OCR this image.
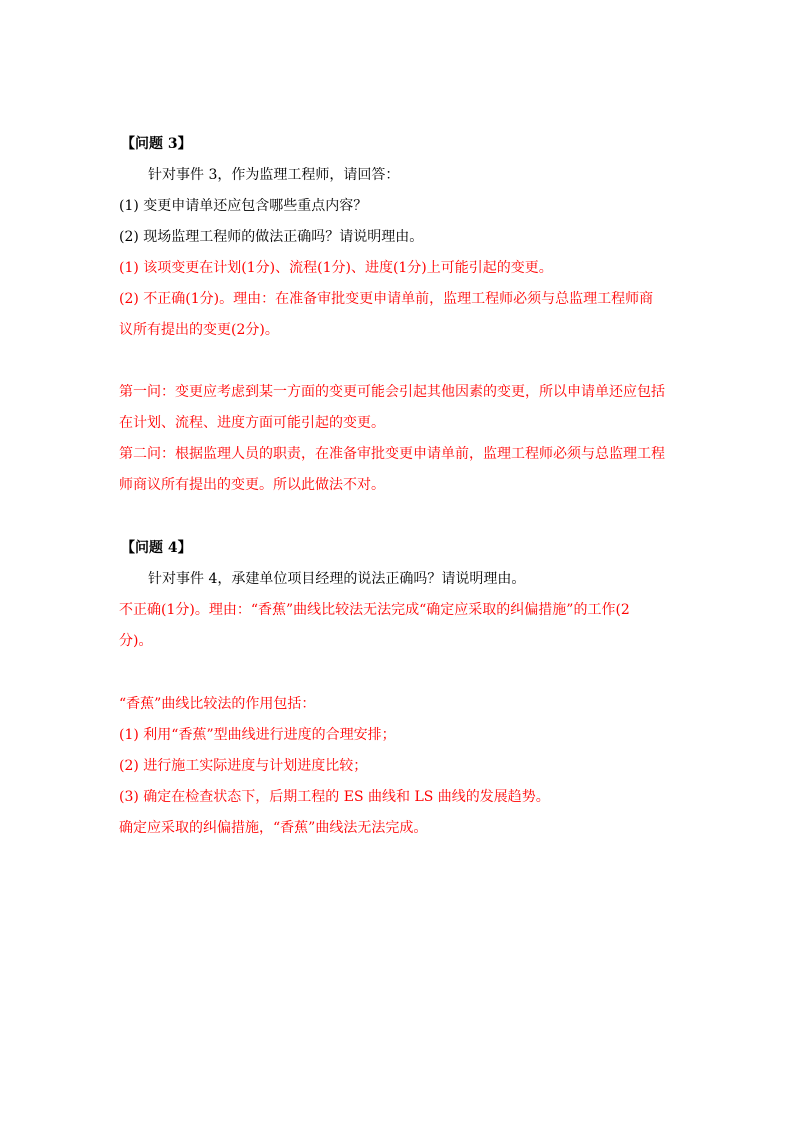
【问题 3】
针对事件 3，作为监理工程师，请回答：
(1) 变更申请单还应包含哪些重点内容？
(2) 现场监理工程师的做法正确吗？请说明理由。
(1) 该项变更在计划(1分)、流程(1分)、进度(1分)上可能引起的变更。
(2) 不正确(1分)。理由：在准备审批变更申请单前，监理工程师必须与总监理工程师商
议所有提出的变更(2分)。
第一问：变更应考虑到某一方面的变更可能会引起其他因素的变更，所以申请单还应包括
在计划、流程、进度方面可能引起的变更。
第二问：根据监理人员的职责，在准备审批变更申请单前，监理工程师必须与总监理工程
师商议所有提出的变更。所以此做法不对。
【问题 4】
针对事件 4，承建单位项目经理的说法正确吗？请说明理由。
不正确(1分)。理由：“香蕉”曲线比较法无法完成“确定应采取的纠偏措施”的工作(2
分)。
“香蕉”曲线比较法的作用包括：
(1) 利用“香蕉”型曲线进行进度的合理安排；
(2) 进行施工实际进度与计划进度比较；
(3) 确定在检查状态下，后期工程的 ES 曲线和 LS 曲线的发展趋势。
确定应采取的纠偏措施，“香蕉”曲线法无法完成。
